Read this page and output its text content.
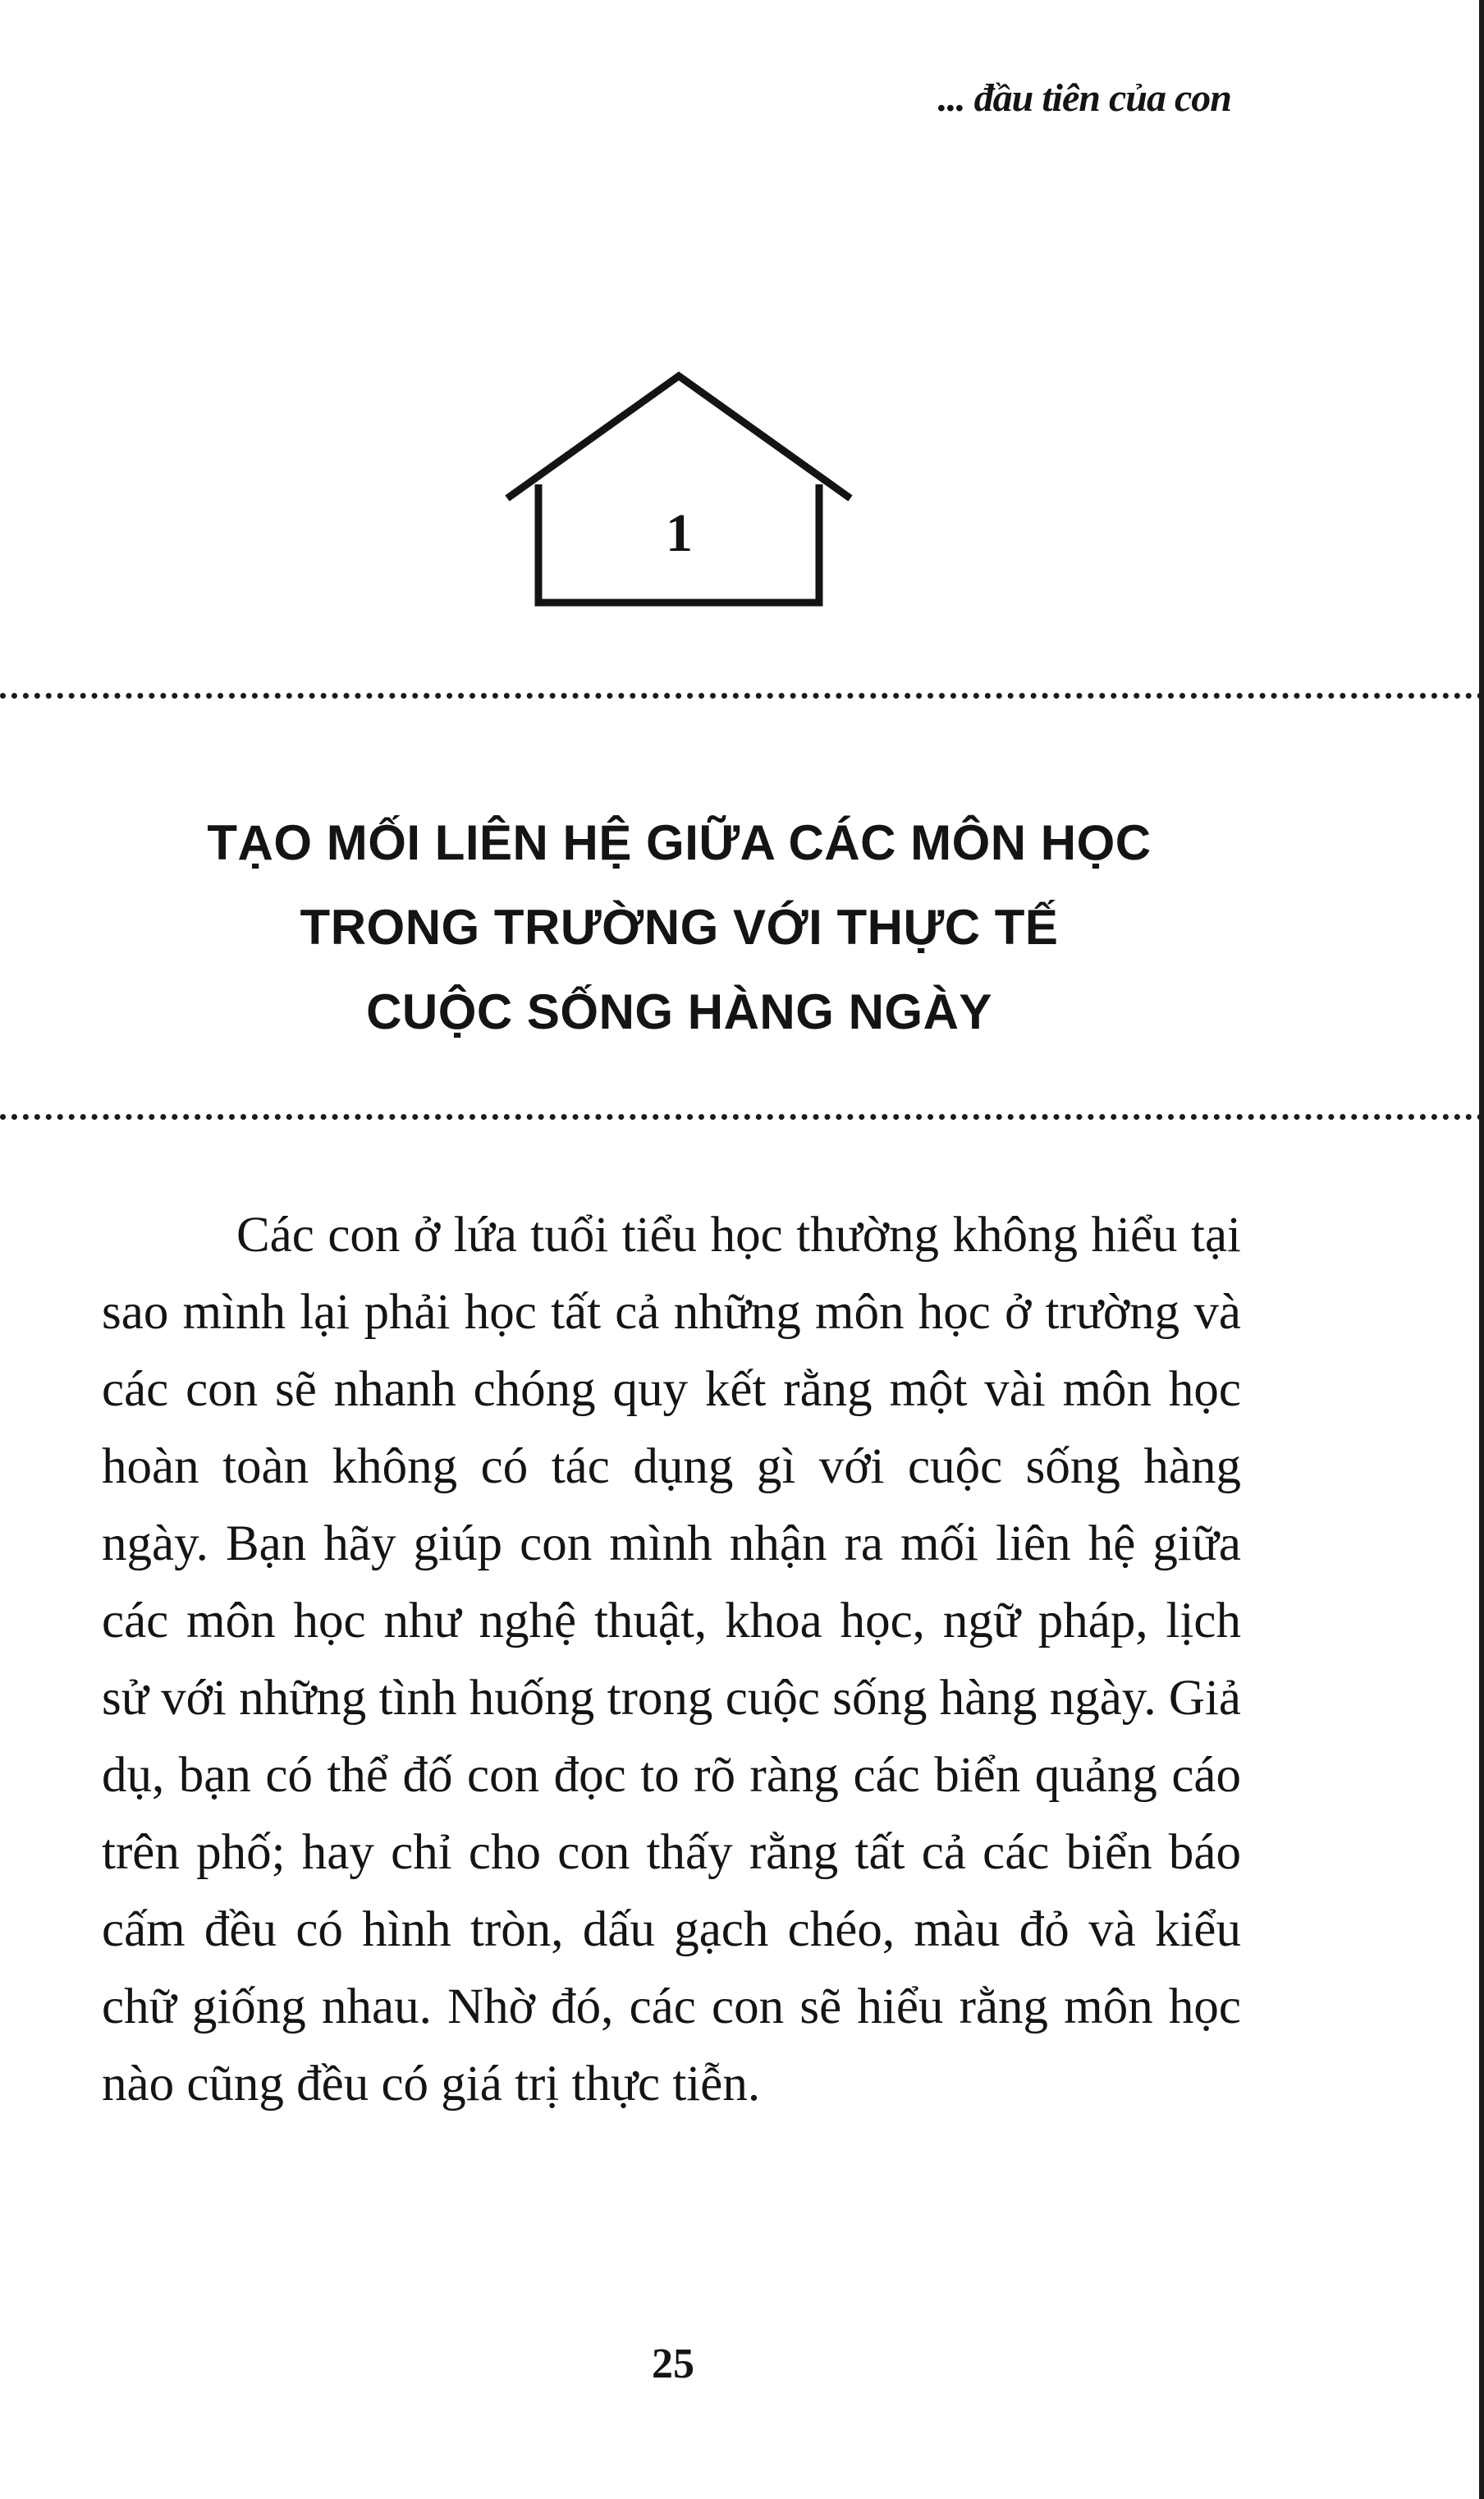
... đầu tiên của con
1
TẠO MỐI LIÊN HỆ GIỮA CÁC MÔN HỌC
TRONG TRƯỜNG VỚI THỰC TẾ
CUỘC SỐNG HÀNG NGÀY

Các con ở lứa tuổi tiểu học thường không hiểu tại sao mình lại phải học tất cả những môn học ở trường và các con sẽ nhanh chóng quy kết rằng một vài môn học hoàn toàn không có tác dụng gì với cuộc sống hàng ngày. Bạn hãy giúp con mình nhận ra mối liên hệ giữa các môn học như nghệ thuật, khoa học, ngữ pháp, lịch sử với những tình huống trong cuộc sống hàng ngày. Giả dụ, bạn có thể đố con đọc to rõ ràng các biển quảng cáo trên phố; hay chỉ cho con thấy rằng tất cả các biển báo cấm đều có hình tròn, dấu gạch chéo, màu đỏ và kiểu chữ giống nhau. Nhờ đó, các con sẽ hiểu rằng môn học nào cũng đều có giá trị thực tiễn.

25
